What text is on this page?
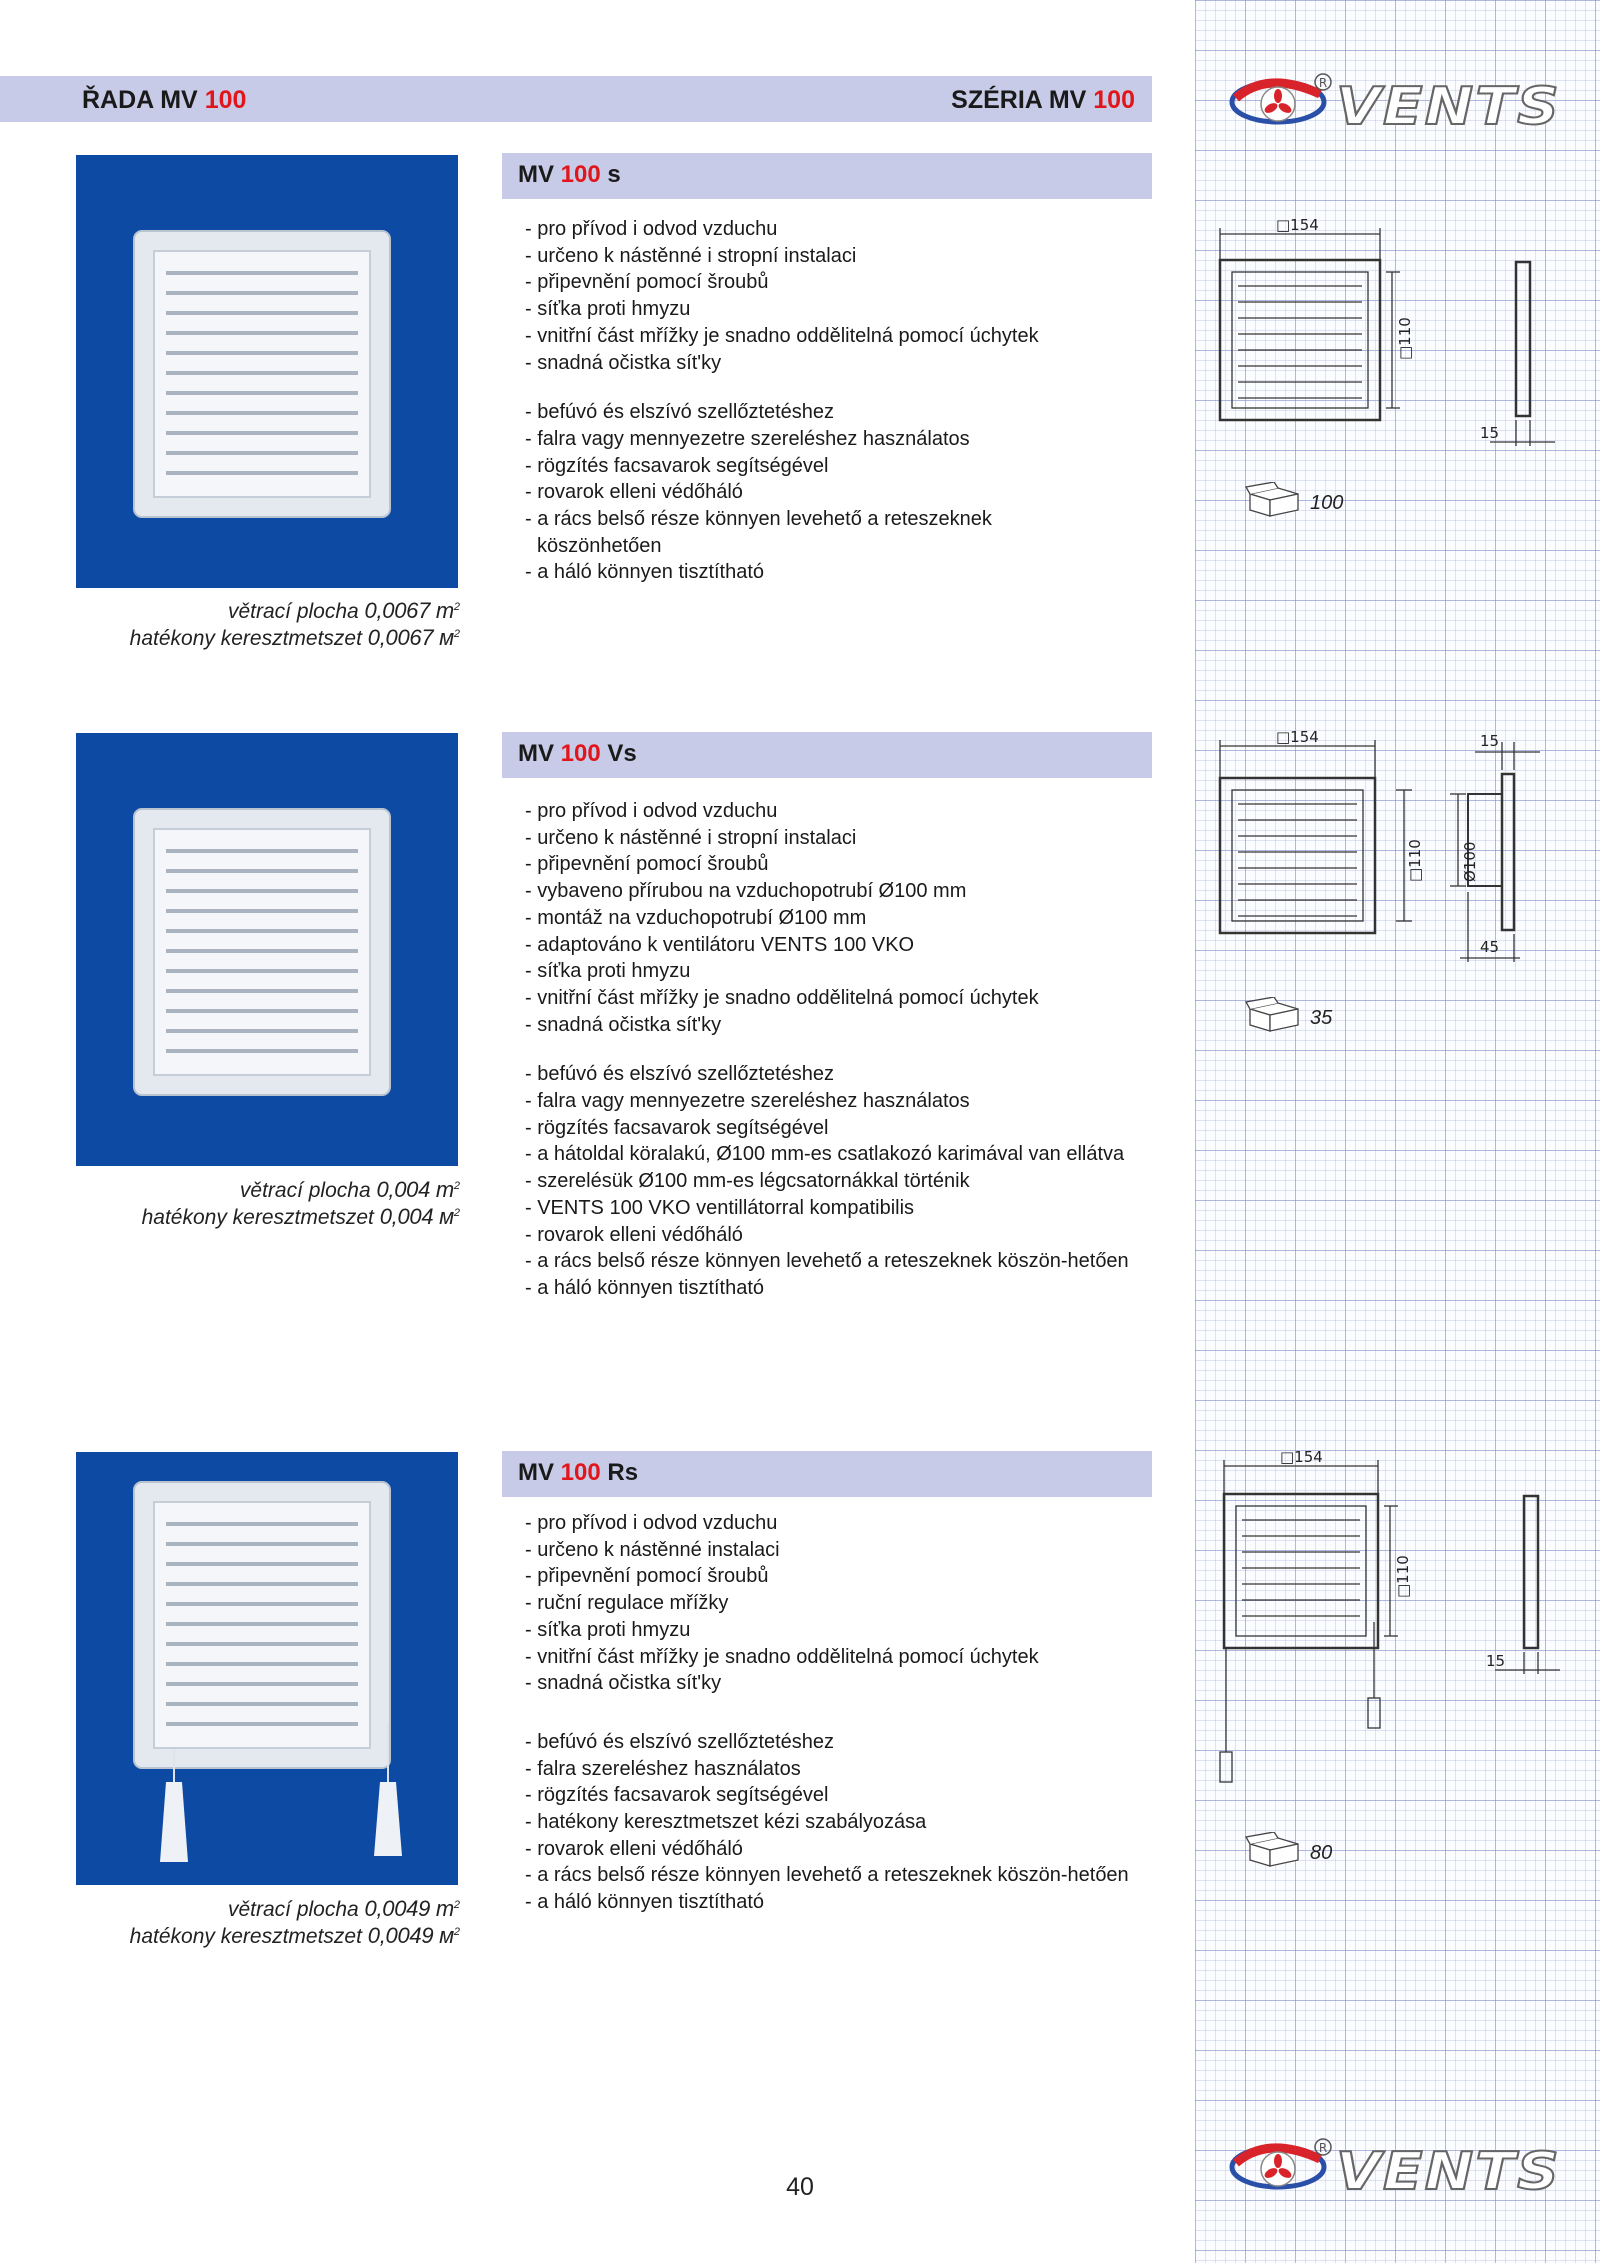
ŘADA MV 100	SZÉRIA MV 100
R VENTS
R VENTS
MV 100 s
- pro přívod i odvod vzduchu
- určeno k nástěnné i stropní instalaci
- připevnění pomocí šroubů
- síťka proti hmyzu
- vnitřní část mřížky je snadno oddělitelná pomocí úchytek
- snadná očistka sít'ky
- befúvó és elszívó szellőztetéshez
- falra vagy mennyezetre szereléshez használatos
- rögzítés facsavarok segítségével
- rovarok elleni védőháló
- a rács belső része könnyen levehető a reteszeknek köszönhetően
- a háló könnyen tisztítható
větrací plocha 0,0067 $m^2$
hatékony keresztmetszet 0,0067 $м^2$
□154
□110
15
100
MV 100 Vs
- pro přívod i odvod vzduchu
- určeno k nástěnné i stropní instalaci
- připevnění pomocí šroubů
- vybaveno přírubou na vzduchopotrubí Ø100 mm
- montáž na vzduchopotrubí Ø100 mm
- adaptováno k ventilátoru VENTS 100 VKO
- síťka proti hmyzu
- vnitřní část mřížky je snadno oddělitelná pomocí úchytek
- snadná očistka sít'ky
- befúvó és elszívó szellőztetéshez
- falra vagy mennyezetre szereléshez használatos
- rögzítés facsavarok segítségével
- a hátoldal köralakú, Ø100 mm-es csatlakozó karimával van ellátva
- szerelésük Ø100 mm-es légcsatornákkal történik
- VENTS 100 VKO ventillátorral kompatibilis
- rovarok elleni védőháló
- a rács belső része könnyen levehető a reteszeknek köszön-hetően
- a háló könnyen tisztítható
větrací plocha 0,004 $m^2$
hatékony keresztmetszet 0,004 $м^2$
□154
□110 Ø100
15
45
35
MV 100 Rs
- pro přívod i odvod vzduchu
- určeno k nástěnné instalaci
- připevnění pomocí šroubů
- ruční regulace mřížky
- síťka proti hmyzu
- vnitřní část mřížky je snadno oddělitelná pomocí úchytek
- snadná očistka sít'ky
- befúvó és elszívó szellőztetéshez
- falra szereléshez használatos
- rögzítés facsavarok segítségével
- hatékony keresztmetszet kézi szabályozása
- rovarok elleni védőháló
- a rács belső része könnyen levehető a reteszeknek köszön-hetően
- a háló könnyen tisztítható
větrací plocha 0,0049 $m^2$
hatékony keresztmetszet 0,0049 $м^2$
□154
□110
15
80
40
